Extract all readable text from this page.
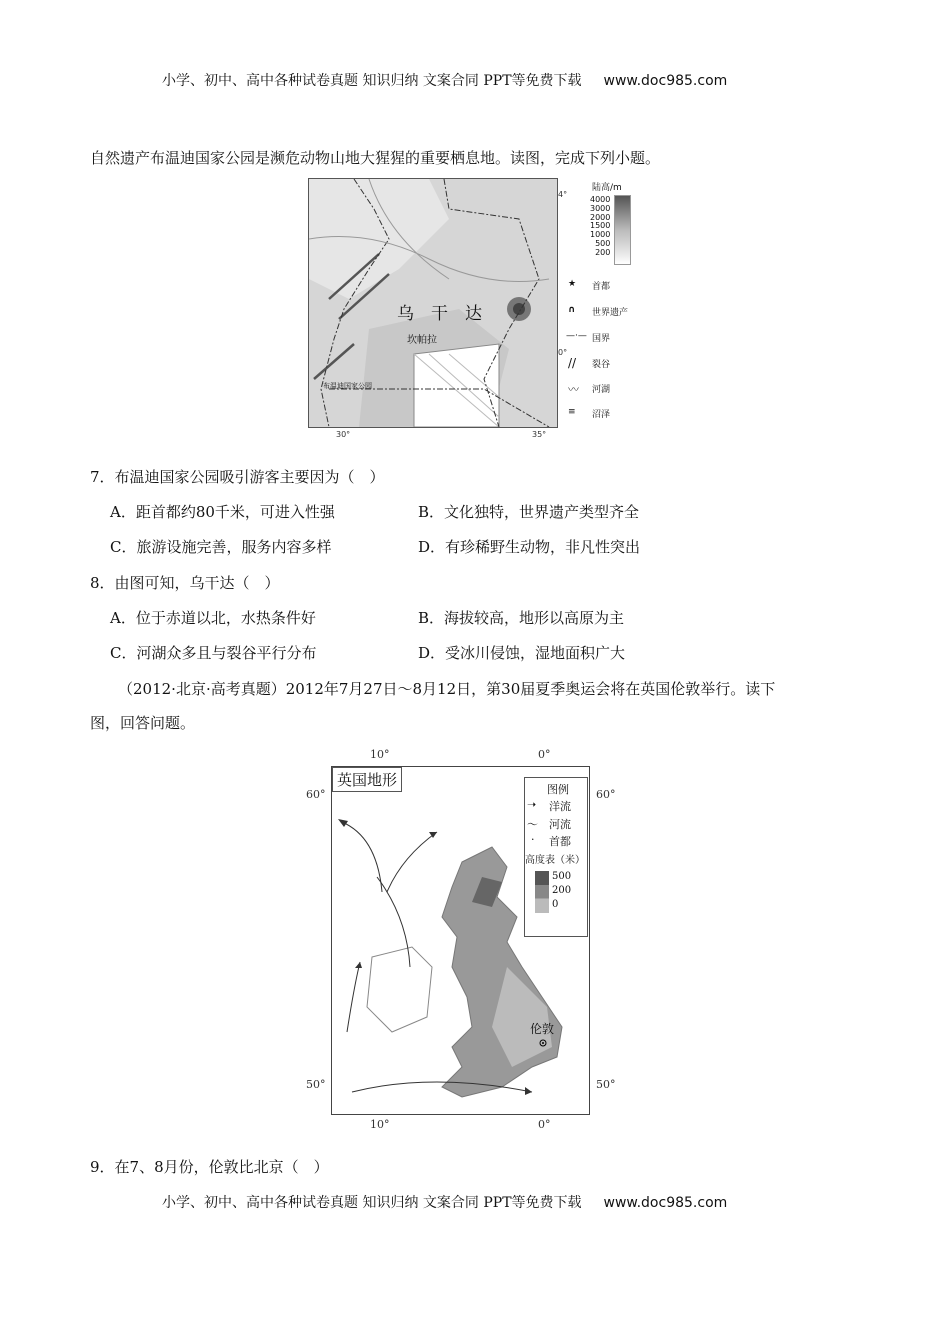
小学、初中、高中各种试卷真题 知识归纳 文案合同 PPT等免费下载 www.doc985.com
自然遗产布温迪国家公园是濒危动物山地大猩猩的重要栖息地。读图，完成下列小题。
乌　干　达
坎帕拉
布温迪国家公园
4°
0°
30°	35°
陆高/m
4000
3000
2000
1500
1000
500
200
★ 首都
∩ 世界遗产
—·— 国界
// 裂谷
〰 河湖
≡ 沼泽
7．布温迪国家公园吸引游客主要因为（　）
A．距首都约80千米，可进入性强	B．文化独特，世界遗产类型齐全
C．旅游设施完善，服务内容多样	D．有珍稀野生动物，非凡性突出
8．由图可知，乌干达（　）
A．位于赤道以北，水热条件好	B．海拔较高，地形以高原为主
C．河湖众多且与裂谷平行分布	D．受冰川侵蚀，湿地面积广大
（2012·北京·高考真题）2012年7月27日～8月12日，第30届夏季奥运会将在英国伦敦举行。读下
图，回答问题。
10°	0°
10°	0°
60°	60°
50°	50°
英国地形
伦敦
图例
➝ 洋流
〜 河流
· 首都
高度表（米）
500
200
0
9．在7、8月份，伦敦比北京（　）
小学、初中、高中各种试卷真题 知识归纳 文案合同 PPT等免费下载 www.doc985.com
